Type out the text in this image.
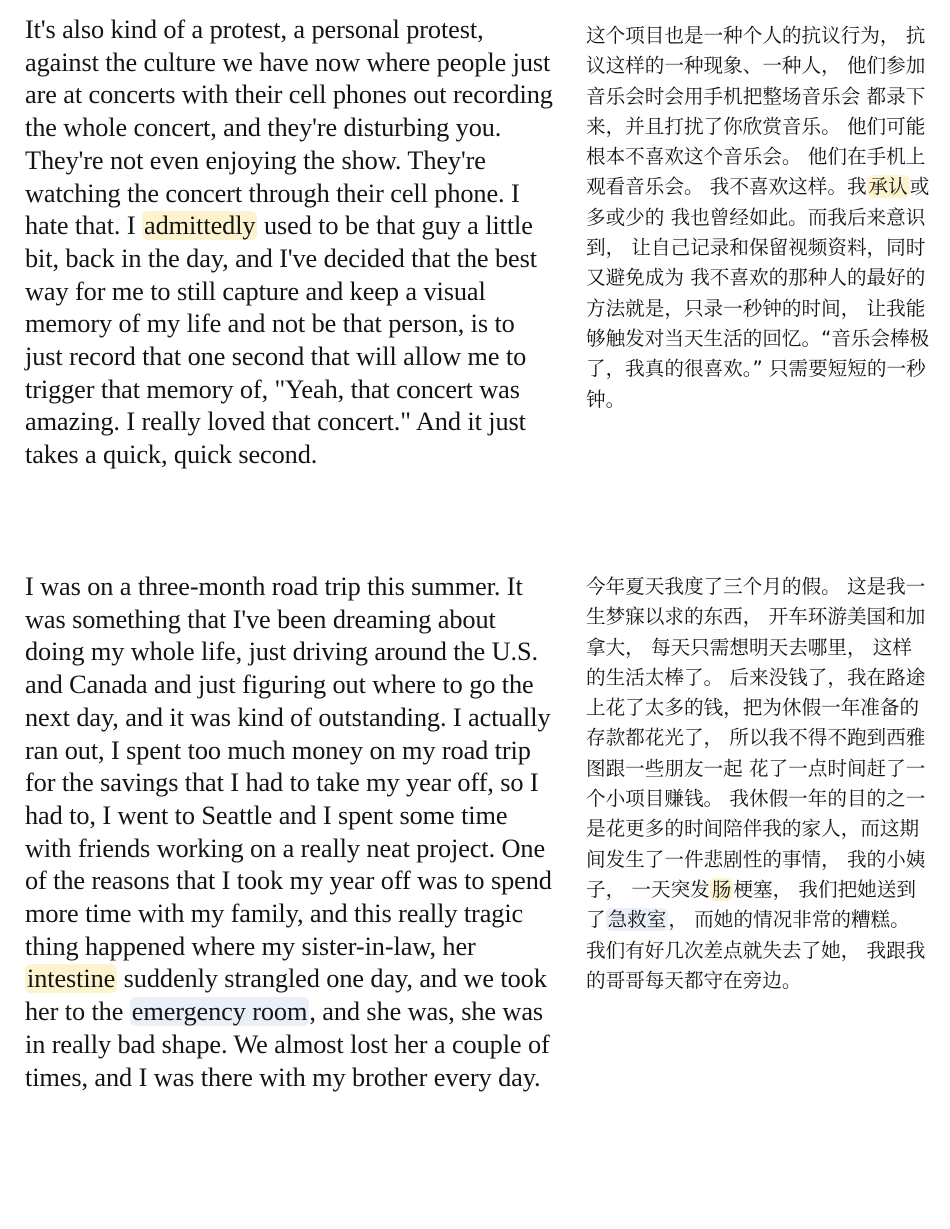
It's also kind of a protest, a personal protest, against the culture we have now where people just are at concerts with their cell phones out recording the whole concert, and they're disturbing you. They're not even enjoying the show. They're watching the concert through their cell phone. I hate that. I admittedly used to be that guy a little bit, back in the day, and I've decided that the best way for me to still capture and keep a visual memory of my life and not be that person, is to just record that one second that will allow me to trigger that memory of, "Yeah, that concert was amazing. I really loved that concert." And it just takes a quick, quick second.

这个项目也是一种个人的抗议行为， 抗议这样的一种现象、一种人， 他们参加音乐会时会用手机把整场音乐会 都录下来，并且打扰了你欣赏音乐。 他们可能根本不喜欢这个音乐会。 他们在手机上观看音乐会。 我不喜欢这样。我 承认 或多或少的 我也曾经如此。而我后来意识到， 让自己记录和保留视频资料，同时又避免成为 我不喜欢的那种人的最好的方法就是，只录一秒钟的时间， 让我能够触发对当天生活的回忆。“音乐会棒极了，我真的很喜欢。” 只需要短短的一秒钟。

I was on a three-month road trip this summer. It was something that I've been dreaming about doing my whole life, just driving around the U.S. and Canada and just figuring out where to go the next day, and it was kind of outstanding. I actually ran out, I spent too much money on my road trip for the savings that I had to take my year off, so I had to, I went to Seattle and I spent some time with friends working on a really neat project. One of the reasons that I took my year off was to spend more time with my family, and this really tragic thing happened where my sister-in-law, her intestine suddenly strangled one day, and we took her to the emergency room, and she was, she was in really bad shape. We almost lost her a couple of times, and I was there with my brother every day.

今年夏天我度了三个月的假。 这是我一生梦寐以求的东西， 开车环游美国和加拿大， 每天只需想明天去哪里， 这样的生活太棒了。 后来没钱了，我在路途上花了太多的钱，把为休假一年准备的存款都花光了， 所以我不得不跑到西雅图跟一些朋友一起 花了一点时间赶了一个小项目赚钱。 我休假一年的目的之一是花更多的时间陪伴我的家人，而这期间发生了一件悲剧性的事情， 我的小姨子， 一天突发 肠 梗塞， 我们把她送到了 急救室 ， 而她的情况非常的糟糕。 我们有好几次差点就失去了她， 我跟我的哥哥每天都守在旁边。
